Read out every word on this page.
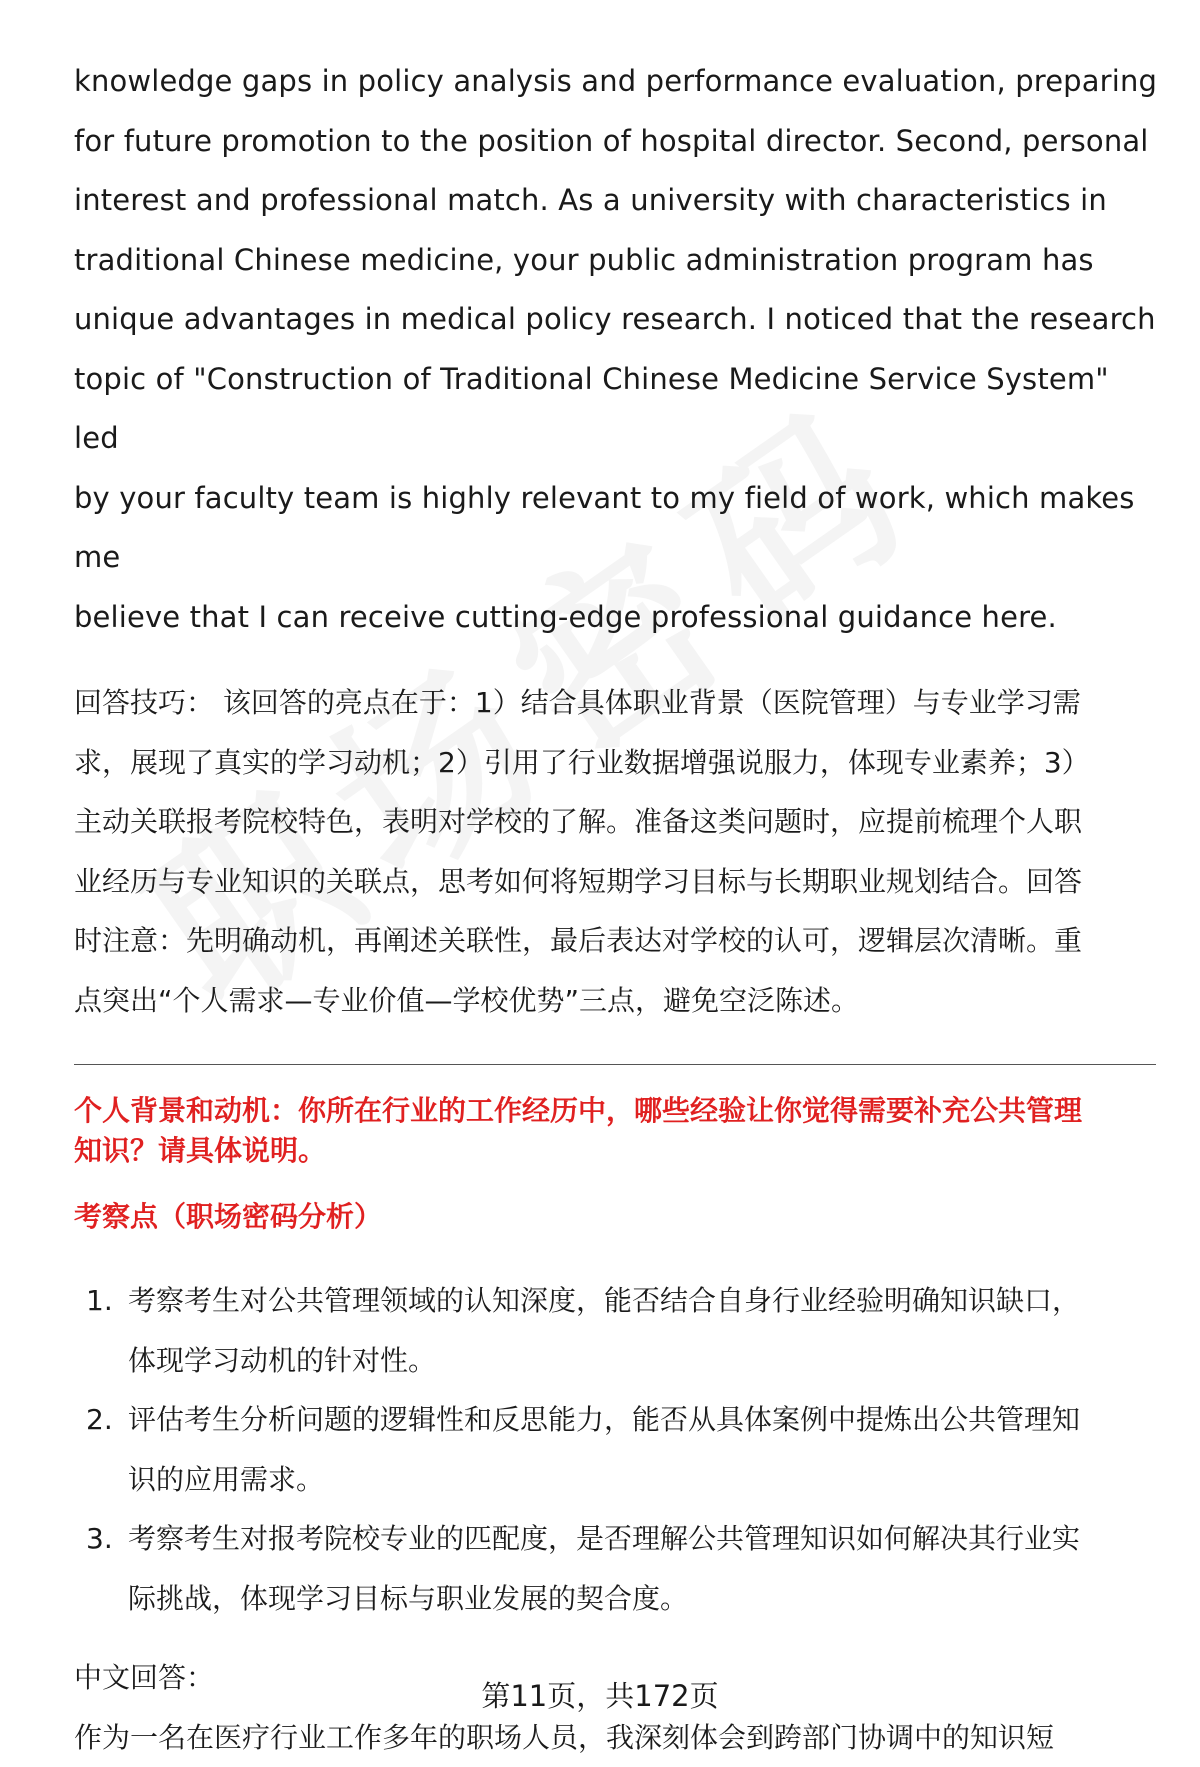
knowledge gaps in policy analysis and performance evaluation, preparing
for future promotion to the position of hospital director. Second, personal
interest and professional match. As a university with characteristics in
traditional Chinese medicine, your public administration program has
unique advantages in medical policy research. I noticed that the research
topic of "Construction of Traditional Chinese Medicine Service System" led
by your faculty team is highly relevant to my field of work, which makes me
believe that I can receive cutting-edge professional guidance here.
回答技巧： 该回答的亮点在于：1）结合具体职业背景（医院管理）与专业学习需
求，展现了真实的学习动机；2）引用了行业数据增强说服力，体现专业素养；3）
主动关联报考院校特色，表明对学校的了解。准备这类问题时，应提前梳理个人职
业经历与专业知识的关联点，思考如何将短期学习目标与长期职业规划结合。回答
时注意：先明确动机，再阐述关联性，最后表达对学校的认可，逻辑层次清晰。重
点突出“个人需求—专业价值—学校优势”三点，避免空泛陈述。
个人背景和动机：你所在行业的工作经历中，哪些经验让你觉得需要补充公共管理
知识？请具体说明。
考察点（职场密码分析）
1. 考察考生对公共管理领域的认知深度，能否结合自身行业经验明确知识缺口，
体现学习动机的针对性。
2. 评估考生分析问题的逻辑性和反思能力，能否从具体案例中提炼出公共管理知
识的应用需求。
3. 考察考生对报考院校专业的匹配度，是否理解公共管理知识如何解决其行业实
际挑战，体现学习目标与职业发展的契合度。
中文回答：
作为一名在医疗行业工作多年的职场人员，我深刻体会到跨部门协调中的知识短
第11页，共172页
